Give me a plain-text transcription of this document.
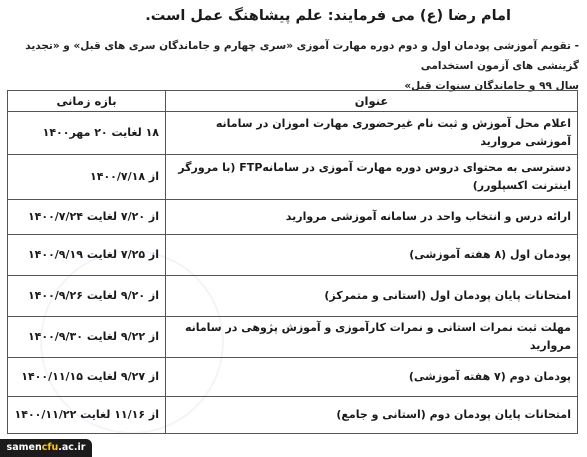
امام رضا (ع) می فرمایند: علم پیشاهنگ عمل است.

- تقویم آموزشی پودمان اول و دوم دوره مهارت آموزی «سری چهارم و جاماندگان سری های قبل» و «تجدید گزینشی های آزمون استخدامی

سال ۹۹ و جاماندگان سنوات قبل»

عنوان	بازه زمانی
اعلام محل آموزش و ثبت نام غیرحضوری مهارت اموزان در سامانه آموزشی مروارید	۱۸ لغایت ۲۰ مهر۱۴۰۰
دسترسی به محتوای دروس دوره مهارت آموزی در سامانهFTP (با مرورگر اینترنت اکسپلورر)	از ۱۴۰۰/۷/۱۸
ارائه درس و انتخاب واحد در سامانه آموزشی مروارید	از ۷/۲۰ لغایت ۱۴۰۰/۷/۲۴
پودمان اول (۸ هفته آموزشی)	از ۷/۲۵ لغایت ۱۴۰۰/۹/۱۹
امتحانات پایان پودمان اول (استانی و متمرکز)	از ۹/۲۰ لغایت ۱۴۰۰/۹/۲۶
مهلت ثبت نمرات استانی و نمرات کارآموزی و آموزش پژوهی در سامانه مروارید	از ۹/۲۲ لغایت ۱۴۰۰/۹/۳۰
پودمان دوم (۷ هفته آموزشی)	از ۹/۲۷ لغایت ۱۴۰۰/۱۱/۱۵
امتحانات پایان پودمان دوم (استانی و جامع)	از ۱۱/۱۶ لغایت ۱۴۰۰/۱۱/۲۲
samencfu.ac.ir
